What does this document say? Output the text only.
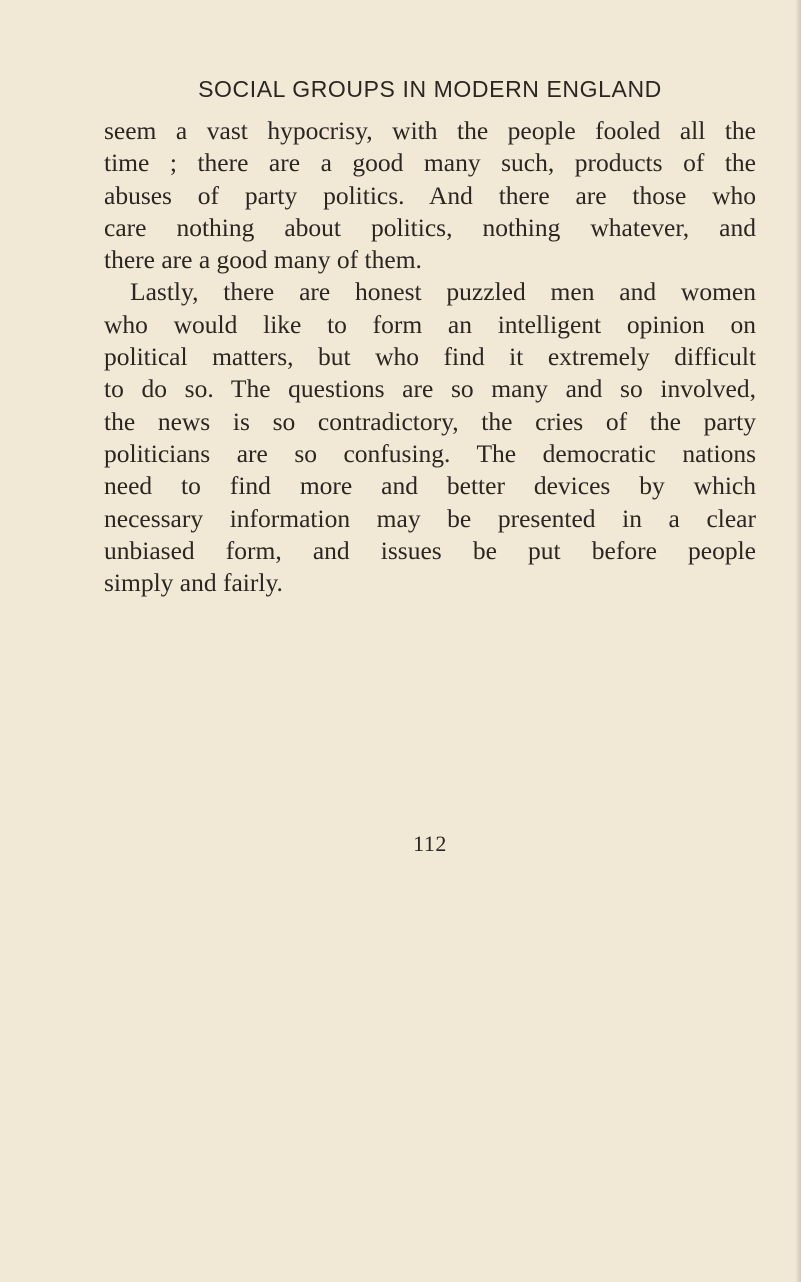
SOCIAL GROUPS IN MODERN ENGLAND
seem a vast hypocrisy, with the people fooled all the
time ; there are a good many such, products of the
abuses of party politics. And there are those who
care nothing about politics, nothing whatever, and
there are a good many of them.
Lastly, there are honest puzzled men and women
who would like to form an intelligent opinion on
political matters, but who find it extremely difficult
to do so. The questions are so many and so involved,
the news is so contradictory, the cries of the party
politicians are so confusing. The democratic nations
need to find more and better devices by which
necessary information may be presented in a clear
unbiased form, and issues be put before people
simply and fairly.
112
